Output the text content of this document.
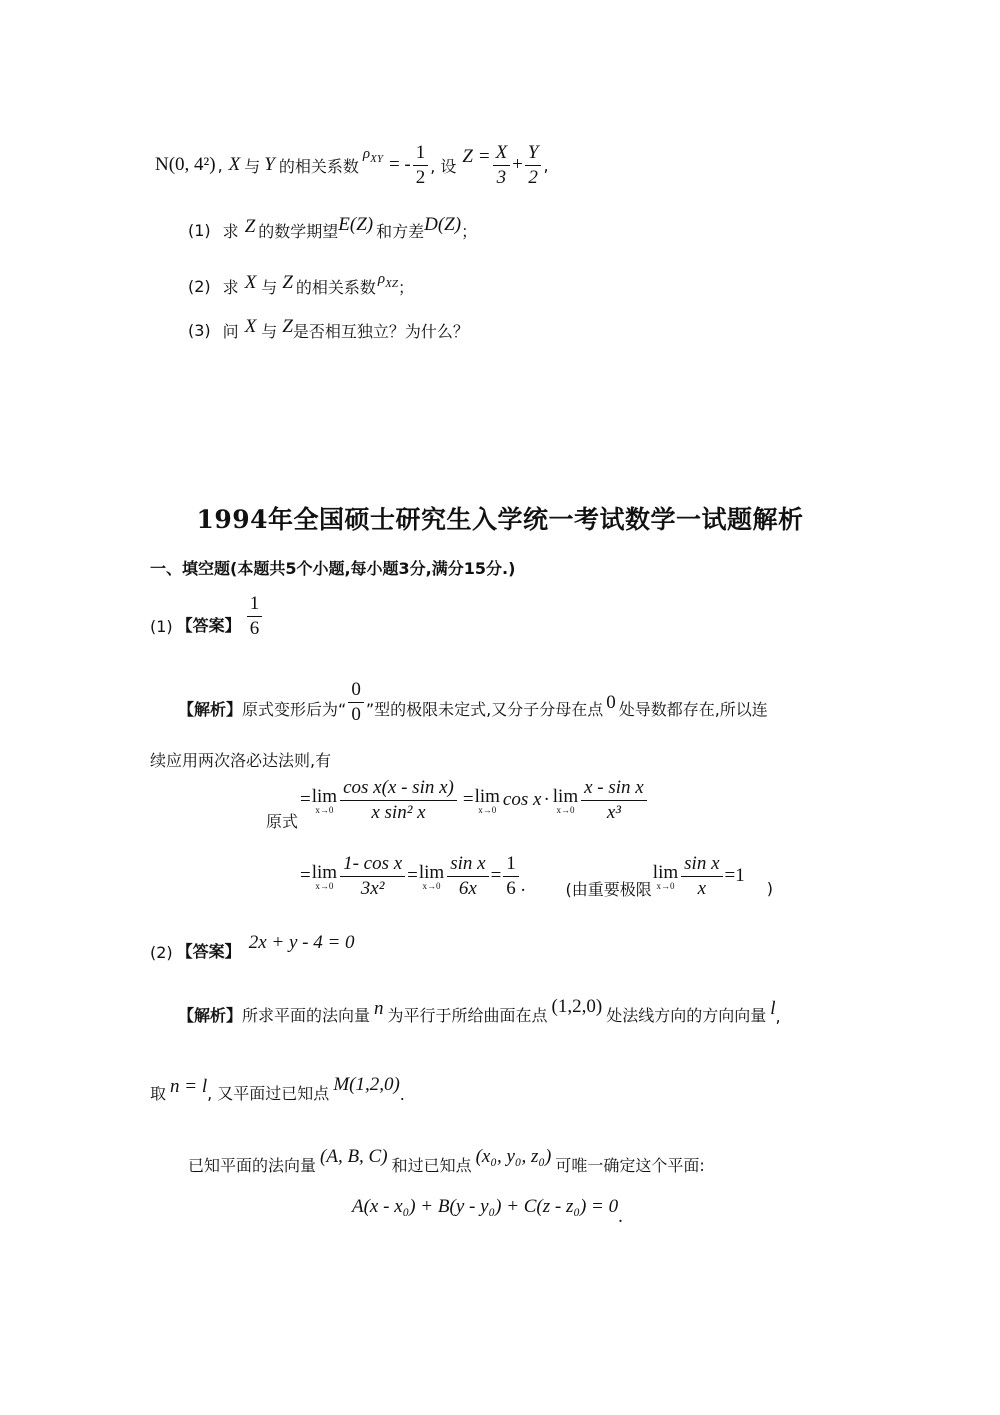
N(0, 4²) , X 与 Y 的相关系数
$\rho_{XY}$ = - $\frac{1}{2}$ , 设 $Z = \frac{X}{3} + \frac{Y}{2}$ ,
(1) 求 Z 的数学期望 E(Z) 和方差 D(Z) ；
(2) 求 X 与 Z 的相关系数 $\rho_{XZ}$ ；
(3) 问 X 与 Z 是否相互独立？为什么？
1994年全国硕士研究生入学统一考试数学一试题解析
一、填空题(本题共5个小题,每小题3分,满分15分.)
(1) 【答案】 $\frac{1}{6}$
【解析】 原式变形后为“ $\frac{0}{0}$ ”型的极限未定式,又分子分母在点 0 处导数都存在,所以连
续应用两次洛必达法则,有
原式
= lim
$x\to 0 \frac{\text{cos x(x - sin x)}}{\text{x sin² x}} = \lim$
x→0 cos x · lim
$x\to 0 \frac{\text{x - sin x}}{\text{x³}}$
= lim
$x\to 0 \frac{\text{1- cos x}}{\text{3x²}} = \lim$
$x\to 0 \frac{\text{sin x}}{6x} = \frac{1}{6}$ .	(由重要极限
lim
$x\to 0 \frac{\text{sin x}}{x} =1$
)
(2) 【答案】 2x + y - 4 = 0
【解析】 所求平面的法向量 n 为平行于所给曲面在点 (1,2,0) 处法线方向的方向向量 l ,
取 n = l , 又平面过已知点 M(1,2,0) .
已知平面的法向量 (A, B, C) 和过已知点 (x₀, y₀, z₀) 可唯一确定这个平面:
A(x - x₀) + B(y - y₀) + C(z - z₀) = 0 .
